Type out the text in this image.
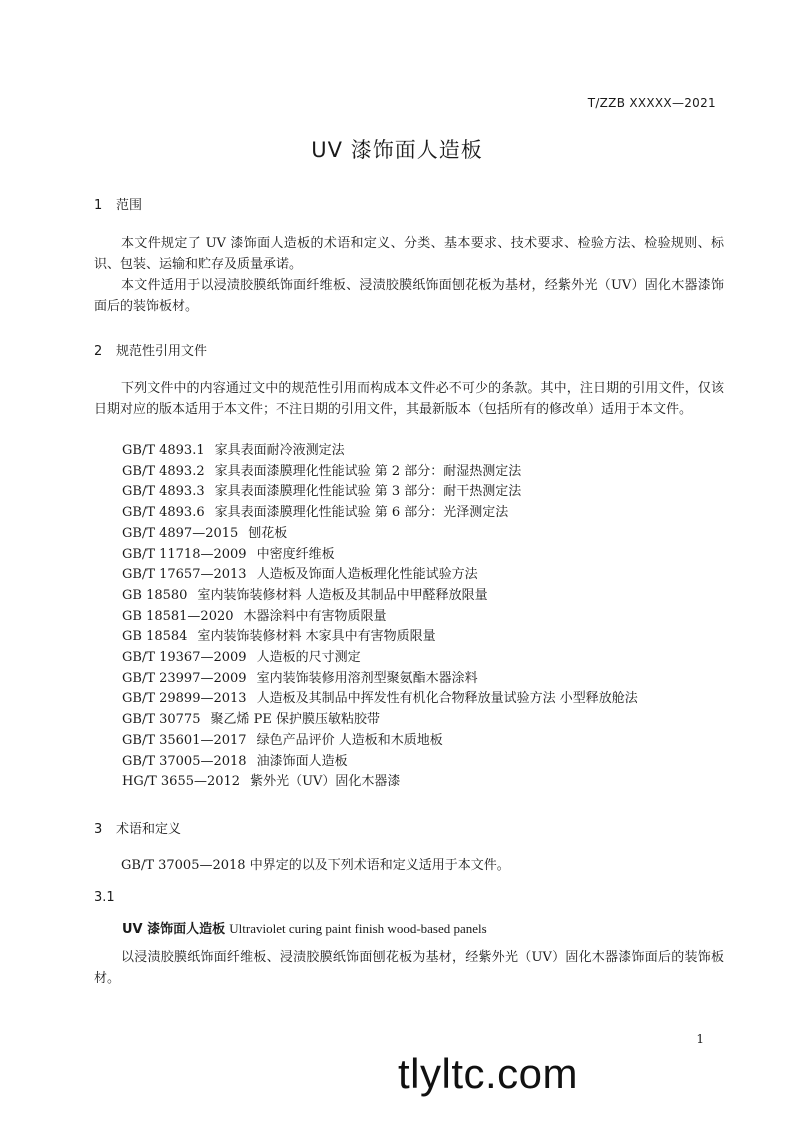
T/ZZB XXXXX—2021
UV 漆饰面人造板
1 范围

本文件规定了 UV 漆饰面人造板的术语和定义、分类、基本要求、技术要求、检验方法、检验规则、标识、包装、运输和贮存及质量承诺。

本文件适用于以浸渍胶膜纸饰面纤维板、浸渍胶膜纸饰面刨花板为基材，经紫外光（UV）固化木器漆饰面后的装饰板材。

2 规范性引用文件

下列文件中的内容通过文中的规范性引用而构成本文件必不可少的条款。其中，注日期的引用文件，仅该日期对应的版本适用于本文件；不注日期的引用文件，其最新版本（包括所有的修改单）适用于本文件。

GB/T 4893.1 家具表面耐冷液测定法
GB/T 4893.2 家具表面漆膜理化性能试验 第 2 部分：耐湿热测定法
GB/T 4893.3 家具表面漆膜理化性能试验 第 3 部分：耐干热测定法
GB/T 4893.6 家具表面漆膜理化性能试验 第 6 部分：光泽测定法
GB/T 4897—2015 刨花板
GB/T 11718—2009 中密度纤维板
GB/T 17657—2013 人造板及饰面人造板理化性能试验方法
GB 18580 室内装饰装修材料 人造板及其制品中甲醛释放限量
GB 18581—2020 木器涂料中有害物质限量
GB 18584 室内装饰装修材料 木家具中有害物质限量
GB/T 19367—2009 人造板的尺寸测定
GB/T 23997—2009 室内装饰装修用溶剂型聚氨酯木器涂料
GB/T 29899—2013 人造板及其制品中挥发性有机化合物释放量试验方法 小型释放舱法
GB/T 30775 聚乙烯 PE 保护膜压敏粘胶带
GB/T 35601—2017 绿色产品评价 人造板和木质地板
GB/T 37005—2018 油漆饰面人造板
HG/T 3655—2012 紫外光（UV）固化木器漆
3 术语和定义

GB/T 37005—2018 中界定的以及下列术语和定义适用于本文件。

3.1
UV 漆饰面人造板 Ultraviolet curing paint finish wood-based panels

以浸渍胶膜纸饰面纤维板、浸渍胶膜纸饰面刨花板为基材，经紫外光（UV）固化木器漆饰面后的装饰板材。

1
tlyltc.com
